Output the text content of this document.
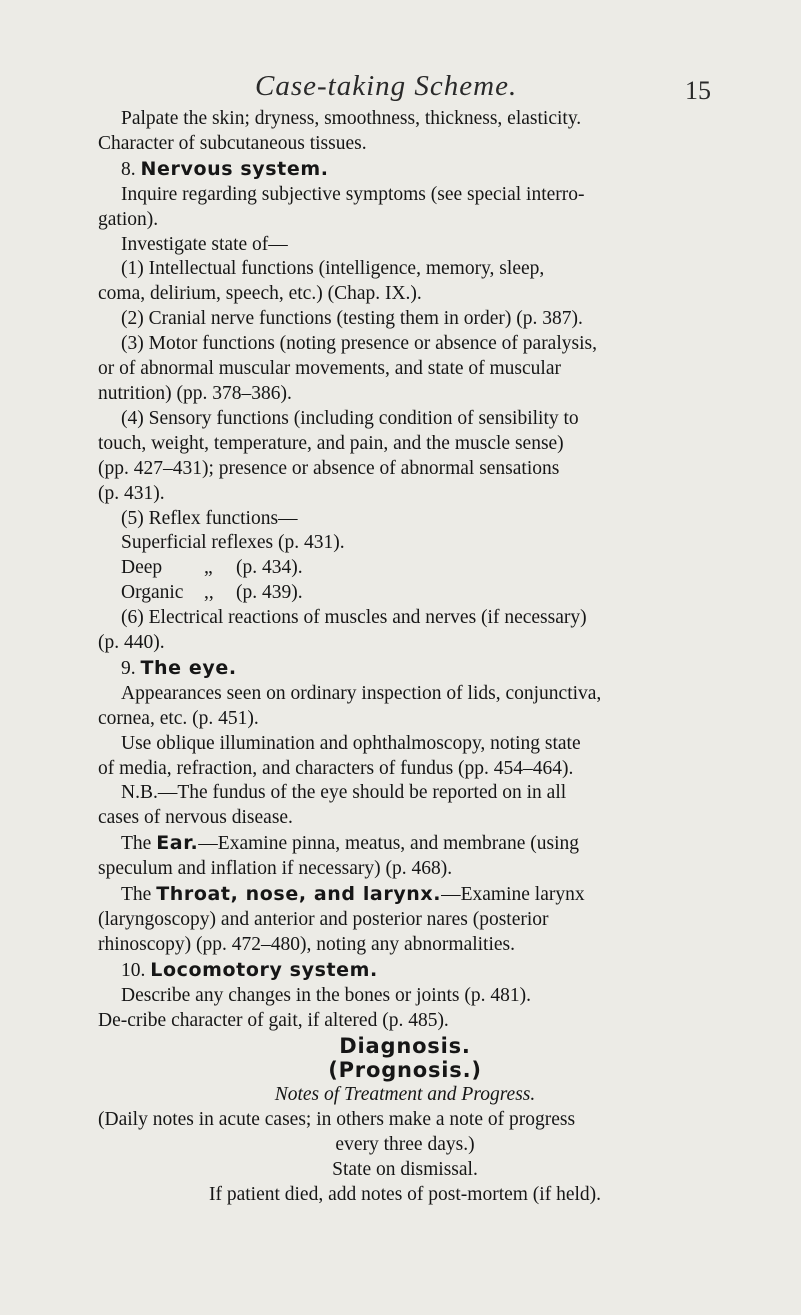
Case-taking Scheme.	15

Palpate the skin; dryness, smoothness, thickness, elasticity.

Character of subcutaneous tissues.

8. Nervous system.

Inquire regarding subjective symptoms (see special interro-

gation).

Investigate state of—

(1) Intellectual functions (intelligence, memory, sleep,

coma, delirium, speech, etc.) (Chap. IX.).

(2) Cranial nerve functions (testing them in order) (p. 387).

(3) Motor functions (noting presence or absence of paralysis,

or of abnormal muscular movements, and state of muscular

nutrition) (pp. 378–386).

(4) Sensory functions (including condition of sensibility to

touch, weight, temperature, and pain, and the muscle sense)

(pp. 427–431); presence or absence of abnormal sensations

(p. 431).

(5) Reflex functions—

Superficial reflexes (p. 431).

Deep „ (p. 434).

Organic ,, (p. 439).

(6) Electrical reactions of muscles and nerves (if necessary)

(p. 440).

9. The eye.

Appearances seen on ordinary inspection of lids, conjunctiva,

cornea, etc. (p. 451).

Use oblique illumination and ophthalmoscopy, noting state

of media, refraction, and characters of fundus (pp. 454–464).

N.B.—The fundus of the eye should be reported on in all

cases of nervous disease.

The Ear.—Examine pinna, meatus, and membrane (using

speculum and inflation if necessary) (p. 468).

The Throat, nose, and larynx.—Examine larynx

(laryngoscopy) and anterior and posterior nares (posterior

rhinoscopy) (pp. 472–480), noting any abnormalities.

10. Locomotory system.

Describe any changes in the bones or joints (p. 481).

De-cribe character of gait, if altered (p. 485).

Diagnosis.

(Prognosis.)

Notes of Treatment and Progress.

(Daily notes in acute cases; in others make a note of progress

every three days.)

State on dismissal.

If patient died, add notes of post-mortem (if held).
